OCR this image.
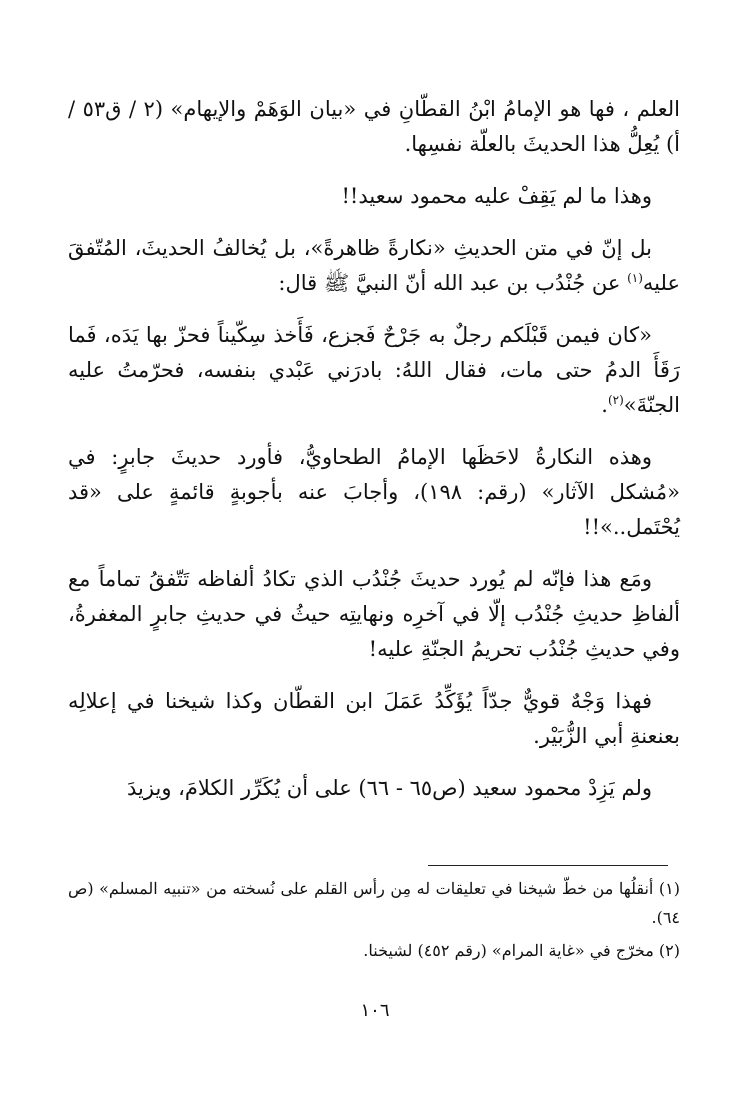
العلم ، فها هو الإمامُ ابْنُ القطّانِ في «بيان الوَهَمْ والإيهام» (٢ / ق٥٣ / أ) يُعِلُّ هذا الحديثَ بالعلّة نفسِها.

وهذا ما لم يَقِفْ عليه محمود سعيد!!

بل إنّ في متن الحديثِ «نكارةً ظاهرةً»، بل يُخالفُ الحديثَ، المُتّفقَ عليه$^{(١)}$ عن جُنْدُب بن عبد الله أنّ النبيَّ ﷺ قال:

«كان فيمن قَبْلَكم رجلٌ به جَرْحٌ فَجزع، فَأَخذ سِكّيناً فحزّ بها يَدَه، فَما رَقَأَ الدمُ حتى مات، فقال اللهُ: بادرَني عَبْدي بنفسه، فحرّمتُ عليه الجنّةَ»$^{(٢)}$.

وهذه النكارةُ لاحَظَها الإمامُ الطحاويُّ، فأورد حديثَ جابرٍ: في «مُشكل الآثار» (رقم: ١٩٨)، وأجابَ عنه بأجوبةٍ قائمةٍ على «قد يُحْتَمل..»!!

ومَع هذا فإنّه لم يُورد حديثَ جُنْدُب الذي تكادُ ألفاظه تَتّفقُ تماماً مع ألفاظِ حديثِ جُنْدُب إلّا في آخرِه ونهايتِه حيثُ في حديثِ جابرٍ المغفرةُ، وفي حديثِ جُنْدُب تحريمُ الجنّةِ عليه!

فهذا وَجْهٌ قويٌّ جدّاً يُؤَكِّدُ عَمَلَ ابن القطّان وكذا شيخنا في إعلالِه بعنعنةِ أبي الزُّبَيْر.

ولم يَزِدْ محمود سعيد (ص٦٥ - ٦٦) على أن يُكَرِّر الكلامَ، ويزيدَ

(١) أنقلُها من خطّ شيخنا في تعليقات له مِن رأس القلم على نُسخته من «تنبيه المسلم» (ص ٦٤).

(٢) مخرّج في «غاية المرام» (رقم ٤٥٢) لشيخنا.

١٠٦
